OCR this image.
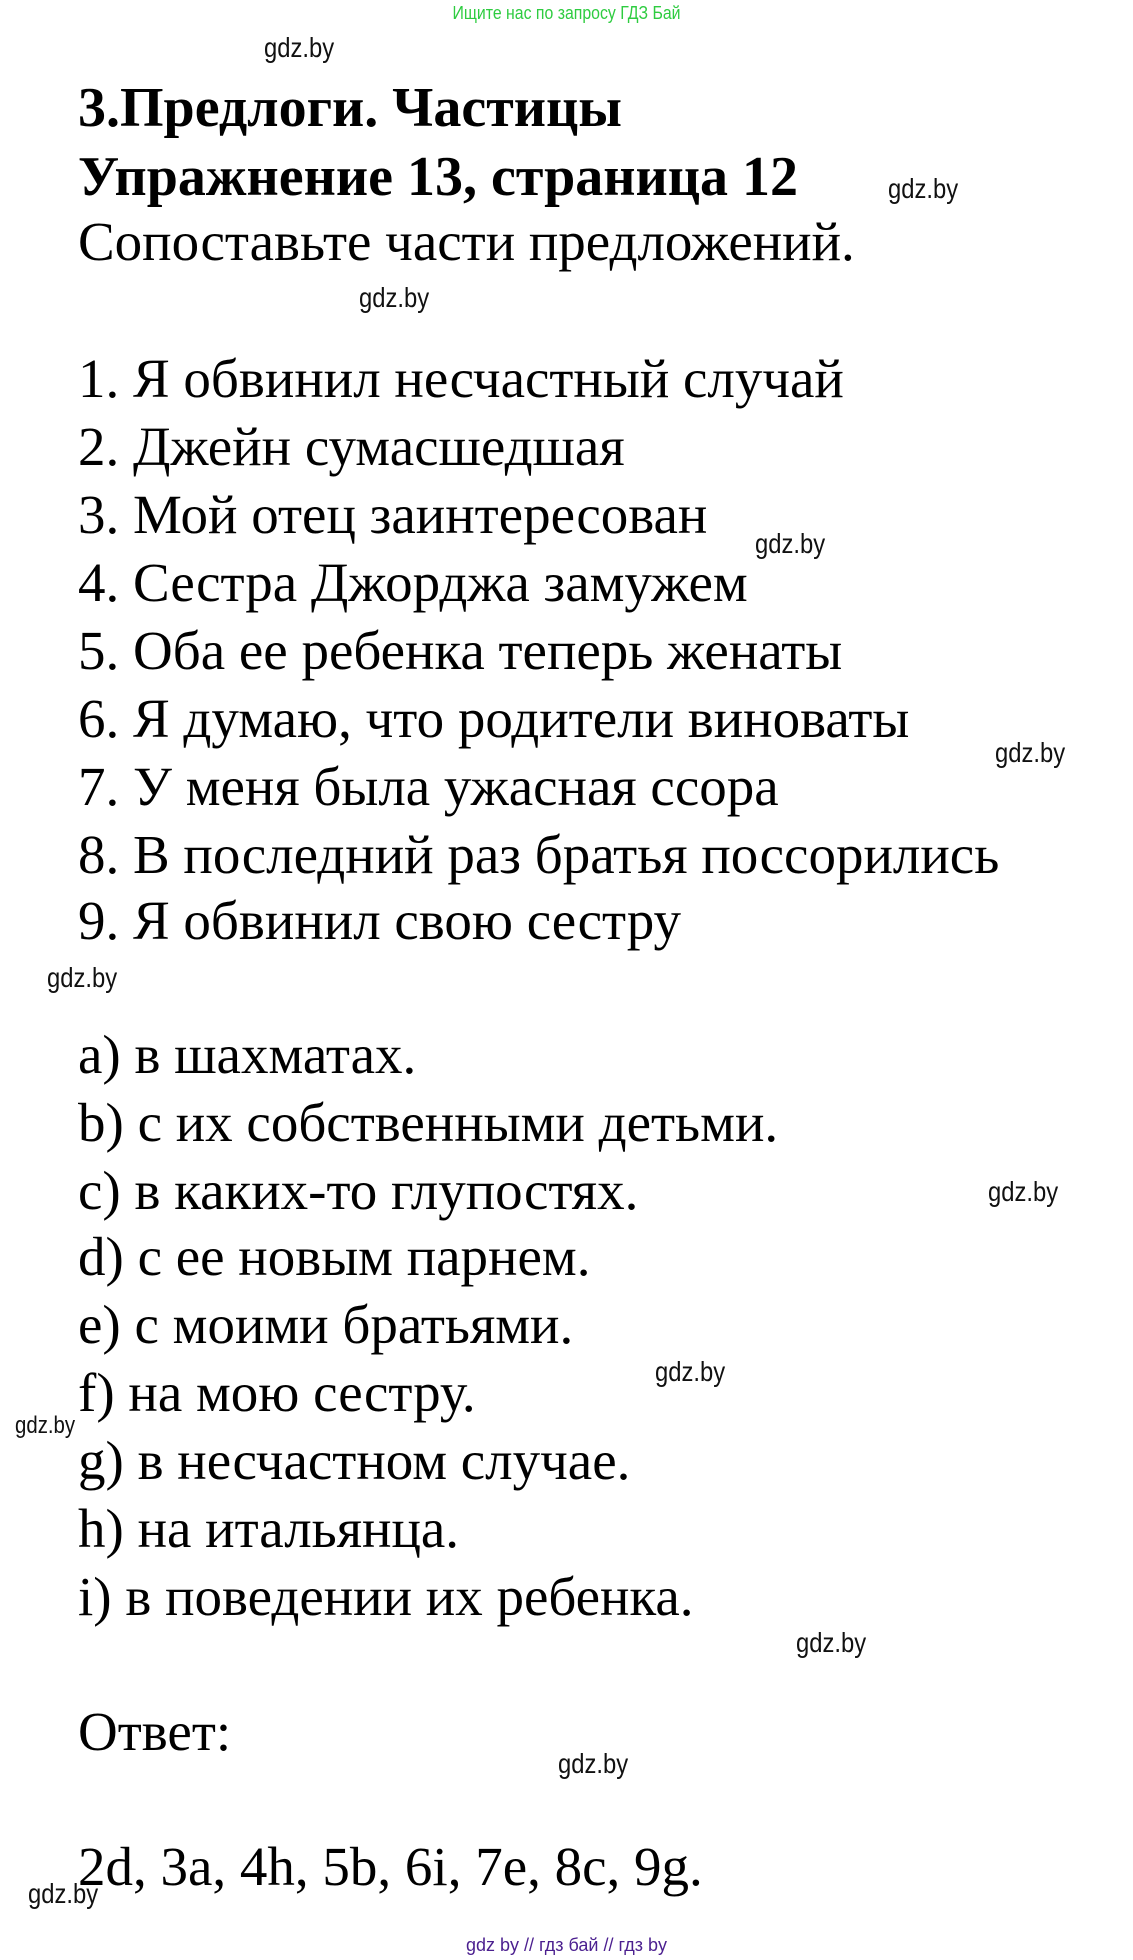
Ищите нас по запросу ГДЗ Бай
gdz.by
3.Предлоги. Частицы
Упражнение 13, страница 12	gdz.by
Сопоставьте части предложений.
gdz.by
1. Я обвинил несчастный случай
2. Джейн сумасшедшая
3. Мой отец заинтересован gdz.by
4. Сестра Джорджа замужем
5. Оба ее ребенка теперь женаты
6. Я думаю, что родители виноваты
gdz.by
7. У меня была ужасная ссора
8. В последний раз братья поссорились
9. Я обвинил свою сестру
gdz.by
a) в шахматах.
b) с их собственными детьми.
c) в каких-то глупостях.	gdz.by
d) с ее новым парнем.
e) с моими братьями.
gdz.by
f) на мою сестру.
gdz.by
g) в несчастном случае.
h) на итальянца.
i) в поведении их ребенка.
gdz.by
Ответ:
gdz.by
2d, 3a, 4h, 5b, 6i, 7e, 8c, 9g.
gdz.by
gdz by // гдз бай // гдз by
